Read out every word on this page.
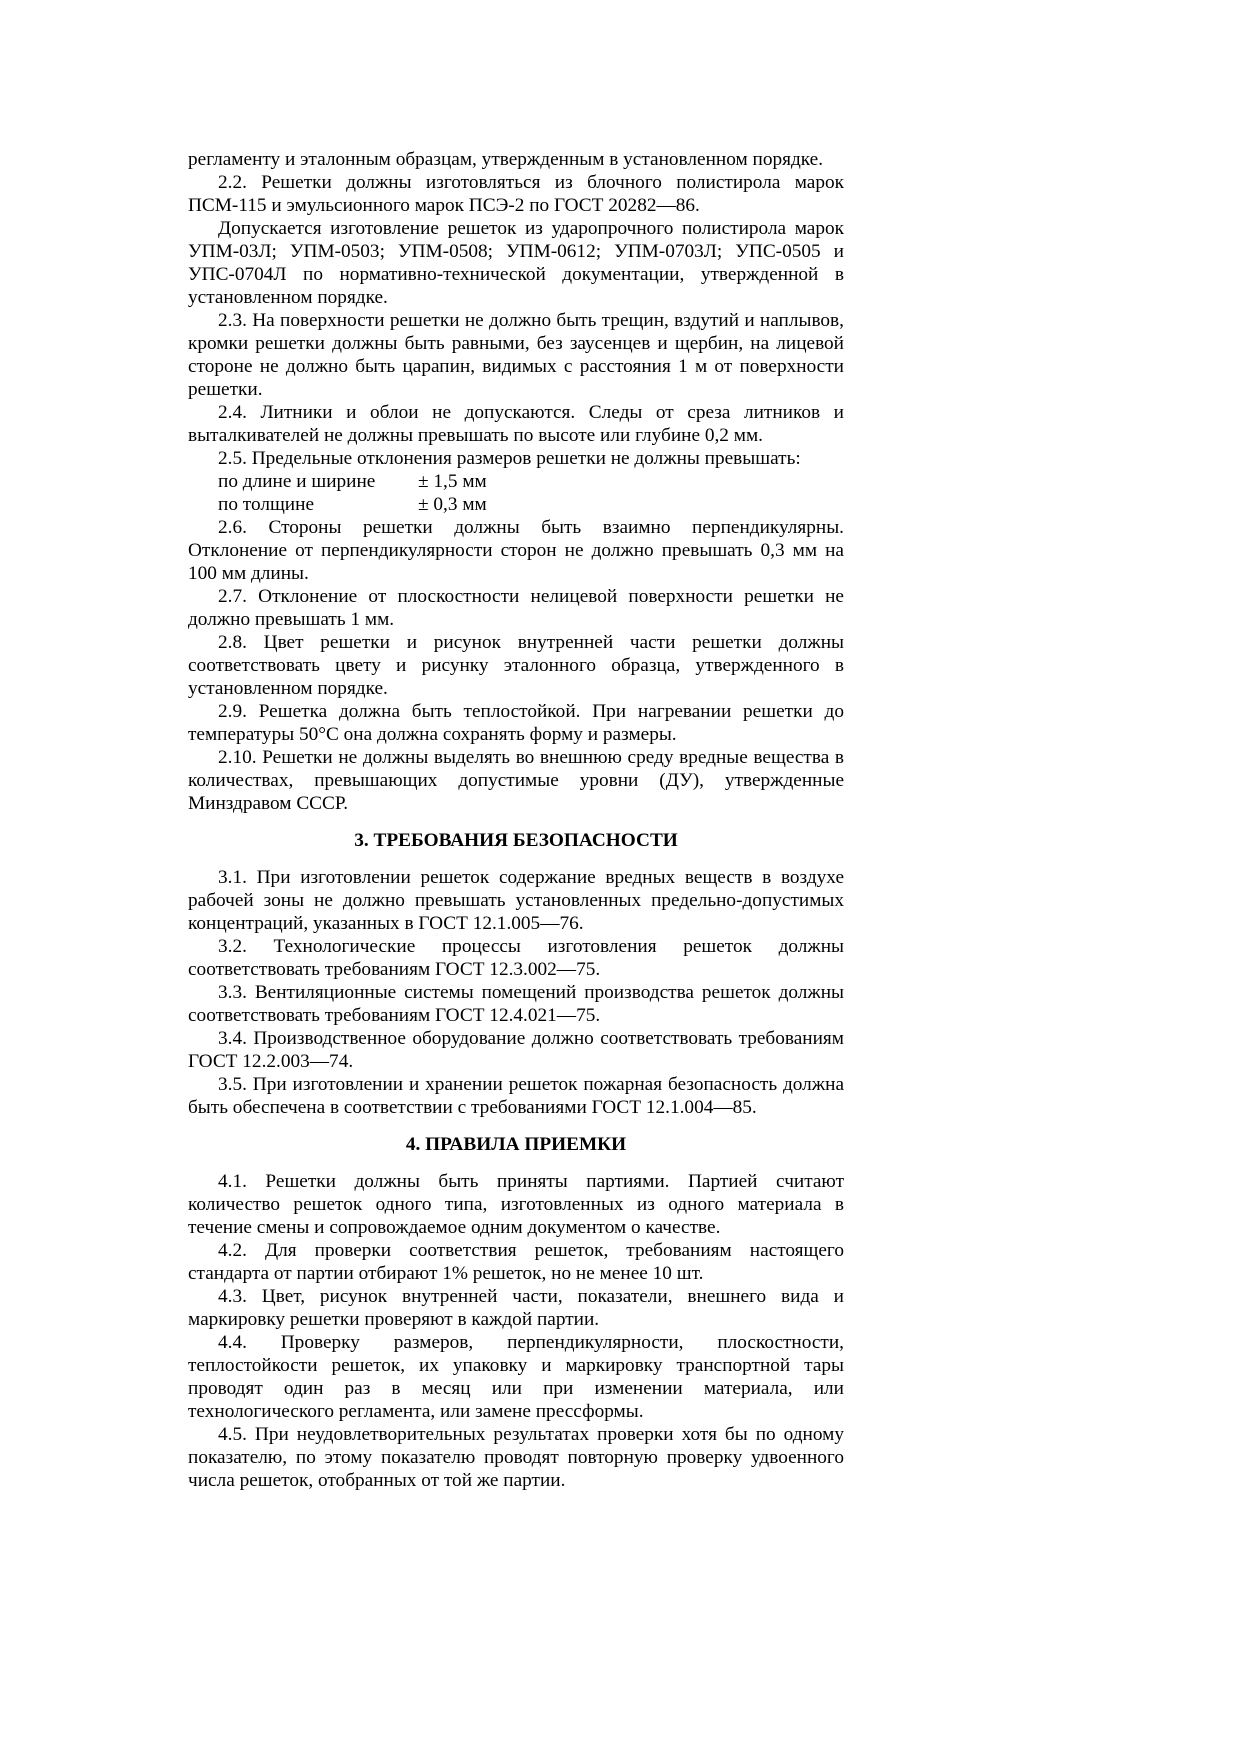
регламенту и эталонным образцам, утвержденным в установленном порядке.

2.2. Решетки должны изготовляться из блочного полистирола марок ПСМ-115 и эмульсионного марок ПСЭ-2 по ГОСТ 20282—86.

Допускается изготовление решеток из ударопрочного полистирола марок УПМ-03Л; УПМ-0503; УПМ-0508; УПМ-0612; УПМ-0703Л; УПС-0505 и УПС-0704Л по нормативно-технической документации, утвержденной в установленном порядке.

2.3. На поверхности решетки не должно быть трещин, вздутий и наплывов, кромки решетки должны быть равными, без заусенцев и щербин, на лицевой стороне не должно быть царапин, видимых с расстояния 1 м от поверхности решетки.

2.4. Литники и облои не допускаются. Следы от среза литников и выталкивателей не должны превышать по высоте или глубине 0,2 мм.

2.5. Предельные отклонения размеров решетки не должны превышать:

по длине и ширине	± 1,5 мм
по толщине	± 0,3 мм

2.6. Стороны решетки должны быть взаимно перпендикулярны. Отклонение от перпендикулярности сторон не должно превышать 0,3 мм на 100 мм длины.

2.7. Отклонение от плоскостности нелицевой поверхности решетки не должно превышать 1 мм.

2.8. Цвет решетки и рисунок внутренней части решетки должны соответствовать цвету и рисунку эталонного образца, утвержденного в установленном порядке.

2.9. Решетка должна быть теплостойкой. При нагревании решетки до температуры 50°С она должна сохранять форму и размеры.

2.10. Решетки не должны выделять во внешнюю среду вредные вещества в количествах, превышающих допустимые уровни (ДУ), утвержденные Минздравом СССР.

3. ТРЕБОВАНИЯ БЕЗОПАСНОСТИ

3.1. При изготовлении решеток содержание вредных веществ в воздухе рабочей зоны не должно превышать установленных предельно-допустимых концентраций, указанных в ГОСТ 12.1.005—76.

3.2. Технологические процессы изготовления решеток должны соответствовать требованиям ГОСТ 12.3.002—75.

3.3. Вентиляционные системы помещений производства решеток должны соответствовать требованиям ГОСТ 12.4.021—75.

3.4. Производственное оборудование должно соответствовать требованиям ГОСТ 12.2.003—74.

3.5. При изготовлении и хранении решеток пожарная безопасность должна быть обеспечена в соответствии с требованиями ГОСТ 12.1.004—85.

4. ПРАВИЛА ПРИЕМКИ

4.1. Решетки должны быть приняты партиями. Партией считают количество решеток одного типа, изготовленных из одного материала в течение смены и сопровождаемое одним документом о качестве.

4.2. Для проверки соответствия решеток, требованиям настоящего стандарта от партии отбирают 1% решеток, но не менее 10 шт.

4.3. Цвет, рисунок внутренней части, показатели, внешнего вида и маркировку решетки проверяют в каждой партии.

4.4. Проверку размеров, перпендикулярности, плоскостности, теплостойкости решеток, их упаковку и маркировку транспортной тары проводят один раз в месяц или при изменении материала, или технологического регламента, или замене прессформы.

4.5. При неудовлетворительных результатах проверки хотя бы по одному показателю, по этому показателю проводят повторную проверку удвоенного числа решеток, отобранных от той же партии.
